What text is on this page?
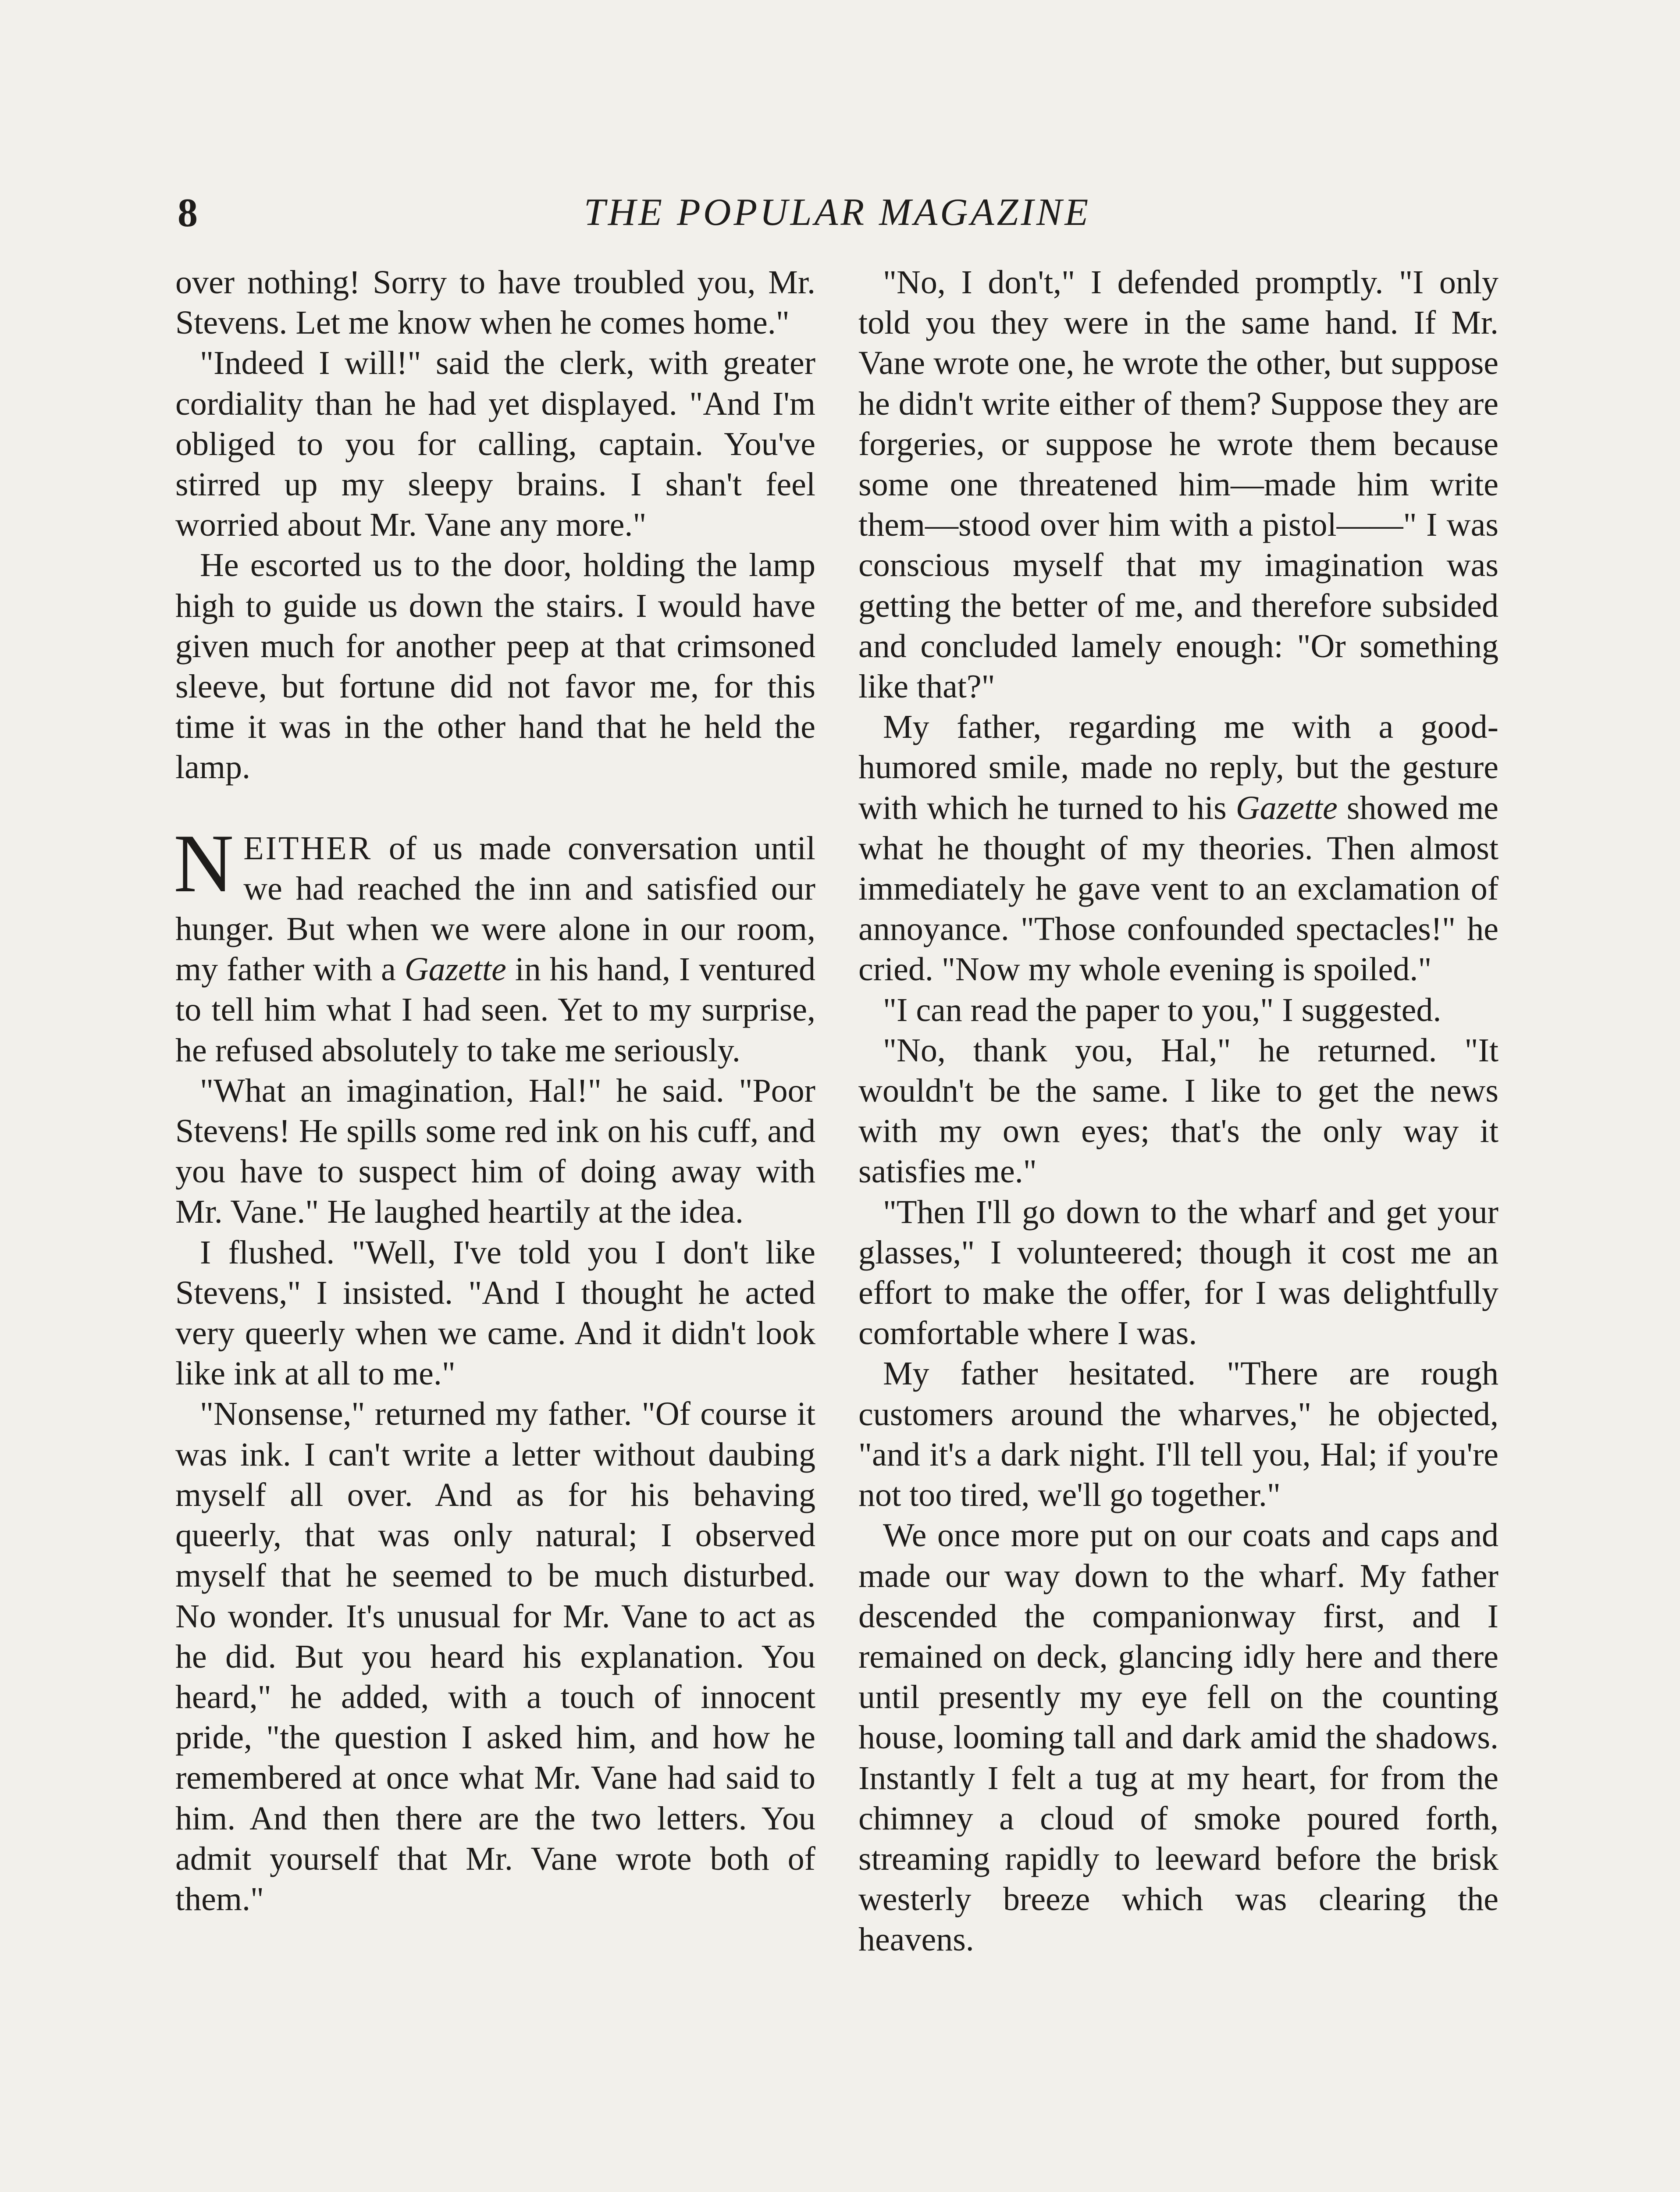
8	THE POPULAR MAGAZINE

over nothing! Sorry to have troubled you, Mr. Stevens. Let me know when he comes home."

"Indeed I will!" said the clerk, with greater cordiality than he had yet displayed. "And I'm obliged to you for calling, captain. You've stirred up my sleepy brains. I shan't feel worried about Mr. Vane any more."

He escorted us to the door, holding the lamp high to guide us down the stairs. I would have given much for another peep at that crimsoned sleeve, but fortune did not favor me, for this time it was in the other hand that he held the lamp.

NEITHER of us made conversation until we had reached the inn and satisfied our hunger. But when we were alone in our room, my father with a Gazette in his hand, I ventured to tell him what I had seen. Yet to my surprise, he refused absolutely to take me seriously.

"What an imagination, Hal!" he said. "Poor Stevens! He spills some red ink on his cuff, and you have to suspect him of doing away with Mr. Vane." He laughed heartily at the idea.

I flushed. "Well, I've told you I don't like Stevens," I insisted. "And I thought he acted very queerly when we came. And it didn't look like ink at all to me."

"Nonsense," returned my father. "Of course it was ink. I can't write a letter without daubing myself all over. And as for his behaving queerly, that was only natural; I observed myself that he seemed to be much disturbed. No wonder. It's unusual for Mr. Vane to act as he did. But you heard his explanation. You heard," he added, with a touch of innocent pride, "the question I asked him, and how he remembered at once what Mr. Vane had said to him. And then there are the two letters. You admit yourself that Mr. Vane wrote both of them."

"No, I don't," I defended promptly. "I only told you they were in the same hand. If Mr. Vane wrote one, he wrote the other, but suppose he didn't write either of them? Suppose they are forgeries, or suppose he wrote them because some one threatened him—made him write them—stood over him with a pistol——" I was conscious myself that my imagination was getting the better of me, and therefore subsided and concluded lamely enough: "Or something like that?"

My father, regarding me with a good-humored smile, made no reply, but the gesture with which he turned to his Gazette showed me what he thought of my theories. Then almost immediately he gave vent to an exclamation of annoyance. "Those confounded spectacles!" he cried. "Now my whole evening is spoiled."

"I can read the paper to you," I suggested.

"No, thank you, Hal," he returned. "It wouldn't be the same. I like to get the news with my own eyes; that's the only way it satisfies me."

"Then I'll go down to the wharf and get your glasses," I volunteered; though it cost me an effort to make the offer, for I was delightfully comfortable where I was.

My father hesitated. "There are rough customers around the wharves," he objected, "and it's a dark night. I'll tell you, Hal; if you're not too tired, we'll go together."

We once more put on our coats and caps and made our way down to the wharf. My father descended the companionway first, and I remained on deck, glancing idly here and there until presently my eye fell on the counting house, looming tall and dark amid the shadows. Instantly I felt a tug at my heart, for from the chimney a cloud of smoke poured forth, streaming rapidly to leeward before the brisk westerly breeze which was clearing the heavens.
